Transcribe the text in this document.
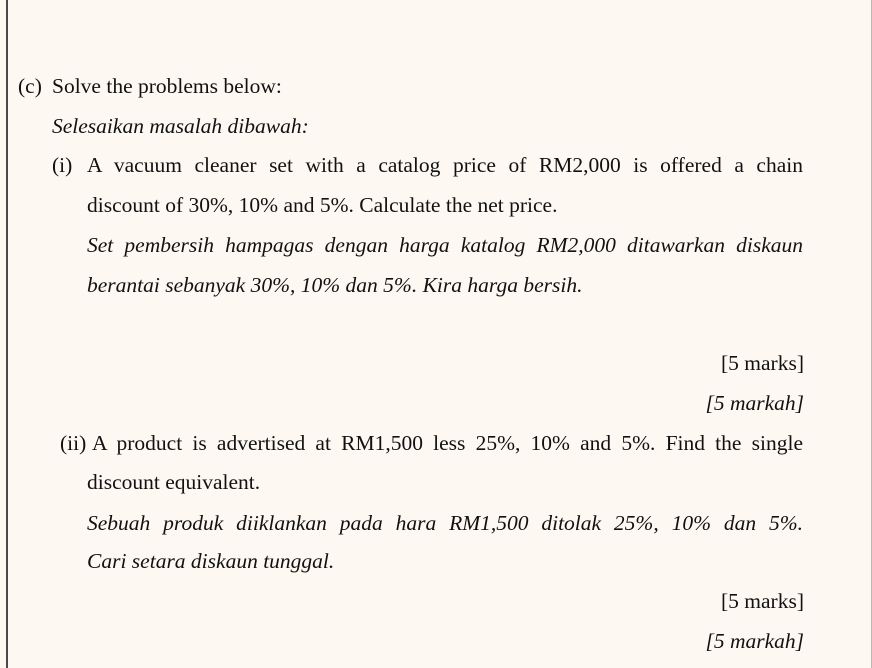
(c) Solve the problems below:
Selesaikan masalah dibawah:
(i) A vacuum cleaner set with a catalog price of RM2,000 is offered a chain
discount of 30%, 10% and 5%. Calculate the net price.
Set pembersih hampagas dengan harga katalog RM2,000 ditawarkan diskaun
berantai sebanyak 30%, 10% dan 5%. Kira harga bersih.
[5 marks]
[5 markah]
(ii) A product is advertised at RM1,500 less 25%, 10% and 5%. Find the single
discount equivalent.
Sebuah produk diiklankan pada hara RM1,500 ditolak 25%, 10% dan 5%.
Cari setara diskaun tunggal.
[5 marks]
[5 markah]
